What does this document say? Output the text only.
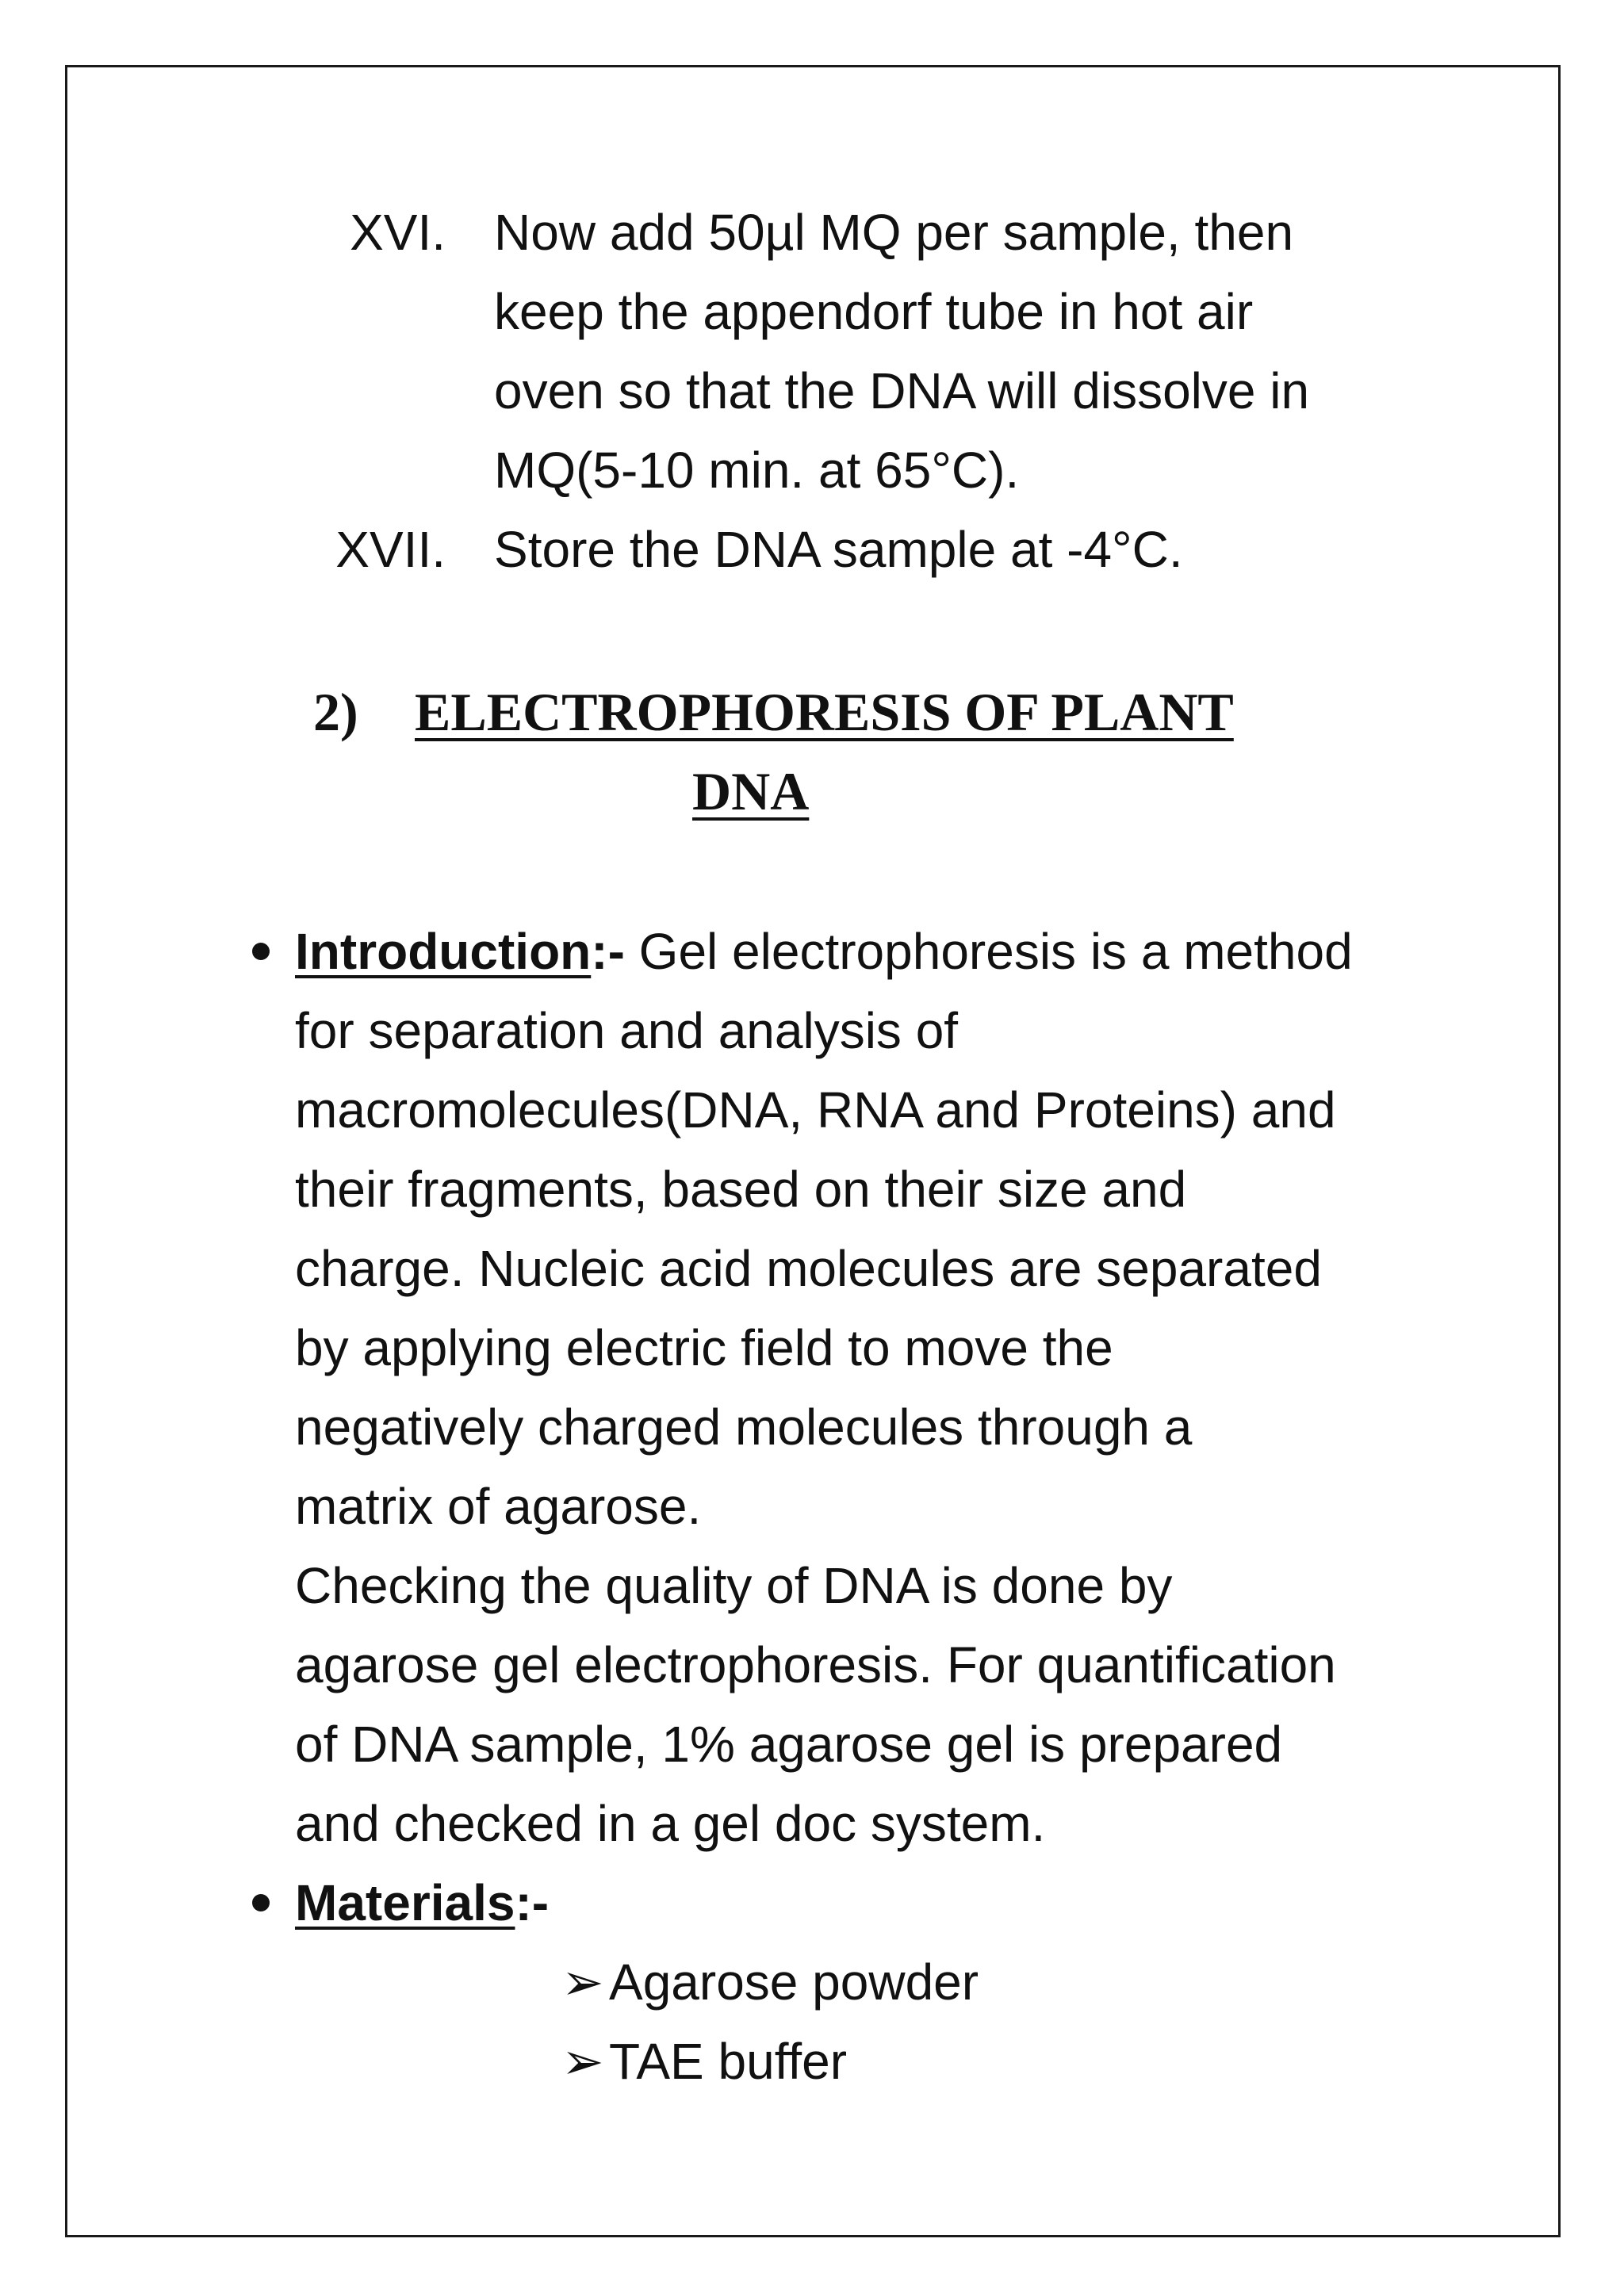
XVI. Now add 50µl MQ per sample, then
keep the appendorf tube in hot air
oven so that the DNA will dissolve in
MQ(5-10 min. at 65°C).
XVII. Store the DNA sample at -4°C.
2) ELECTROPHORESIS OF PLANT
DNA
Introduction:- Gel electrophoresis is a method
for separation and analysis of
macromolecules(DNA, RNA and Proteins) and
their fragments, based on their size and
charge. Nucleic acid molecules are separated
by applying electric field to move the
negatively charged molecules through a
matrix of agarose.
Checking the quality of DNA is done by
agarose gel electrophoresis. For quantification
of DNA sample, 1% agarose gel is prepared
and checked in a gel doc system.
Materials:-
➢Agarose powder
➢TAE buffer
